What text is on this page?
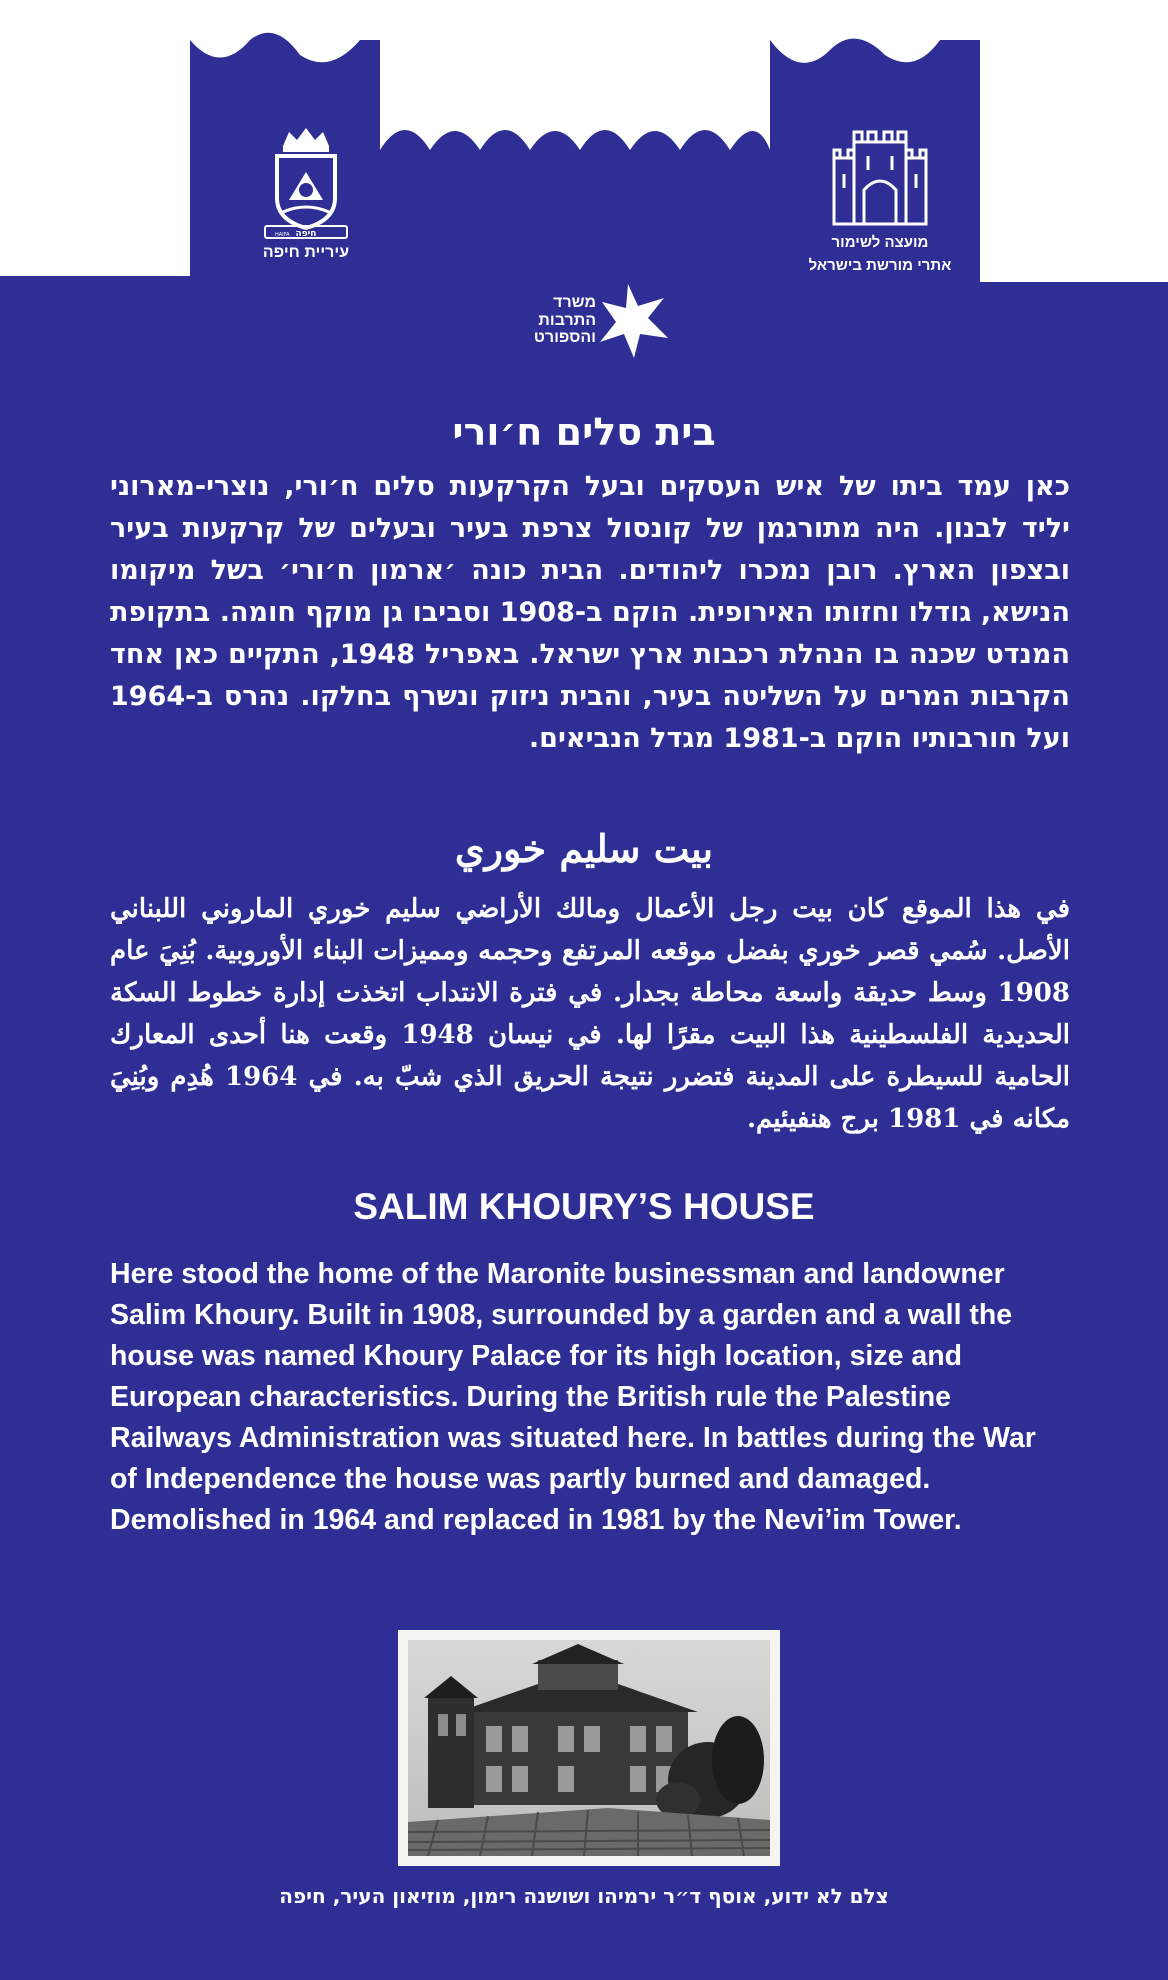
חיפה
HAIFA
עיריית חיפה
מועצה לשימור
אתרי מורשת בישראל
משרד
התרבות
והספורט
בית סלים ח׳ורי

כאן עמד ביתו של איש העסקים ובעל הקרקעות סלים ח׳ורי, נוצרי-מארוני יליד לבנון. היה מתורגמן של קונסול צרפת בעיר ובעלים של קרקעות בעיר ובצפון הארץ. רובן נמכרו ליהודים. הבית כונה ׳ארמון ח׳ורי׳ בשל מיקומו הנישא, גודלו וחזותו האירופית. הוקם ב-1908 וסביבו גן מוקף חומה. בתקופת המנדט שכנה בו הנהלת רכבות ארץ ישראל. באפריל 1948, התקיים כאן אחד הקרבות המרים על השליטה בעיר, והבית ניזוק ונשרף בחלקו. נהרס ב-1964 ועל חורבותיו הוקם ב-1981 מגדל הנביאים.

بيت سليم خوري

في هذا الموقع كان بيت رجل الأعمال ومالك الأراضي سليم خوري الماروني اللبناني الأصل. سُمي قصر خوري بفضل موقعه المرتفع وحجمه ومميزات البناء الأوروبية. بُنِيَ عام 1908 وسط حديقة واسعة محاطة بجدار. في فترة الانتداب اتخذت إدارة خطوط السكة الحديدية الفلسطينية هذا البيت مقرًا لها. في نيسان 1948 وقعت هنا أحدى المعارك الحامية للسيطرة على المدينة فتضرر نتيجة الحريق الذي شبّ به. في 1964 هُدِم وبُنِيَ مكانه في 1981 برج هنفيئيم.

SALIM KHOURY’S HOUSE

Here stood the home of the Maronite businessman and landowner Salim Khoury. Built in 1908, surrounded by a garden and a wall the house was named Khoury Palace for its high location, size and European characteristics. During the British rule the Palestine Railways Administration was situated here. In battles during the War of Independence the house was partly burned and damaged. Demolished in 1964 and replaced in 1981 by the Nevi’im Tower.

צלם לא ידוע, אוסף ד״ר ירמיהו ושושנה רימון, מוזיאון העיר, חיפה
